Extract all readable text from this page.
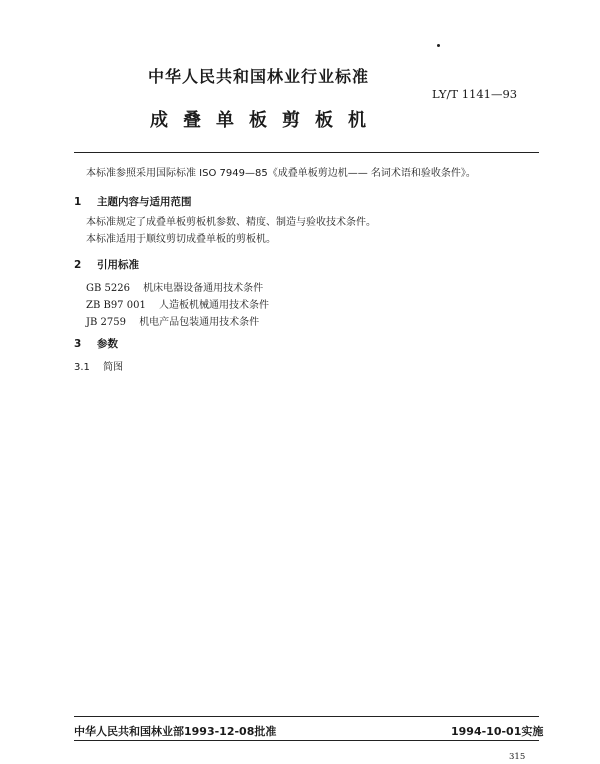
中华人民共和国林业行业标准
LY/T 1141—93
成叠单板剪板机
本标准参照采用国际标准 ISO 7949—85《成叠单板剪边机—— 名词术语和验收条件》。
1 主题内容与适用范围
本标准规定了成叠单板剪板机参数、精度、制造与验收技术条件。
本标准适用于顺纹剪切成叠单板的剪板机。
2 引用标准
GB 5226 机床电器设备通用技术条件
ZB B97 001 人造板机械通用技术条件
JB 2759 机电产品包装通用技术条件
3 参数
3.1 简图
中华人民共和国林业部1993-12-08批准	1994-10-01实施
315
